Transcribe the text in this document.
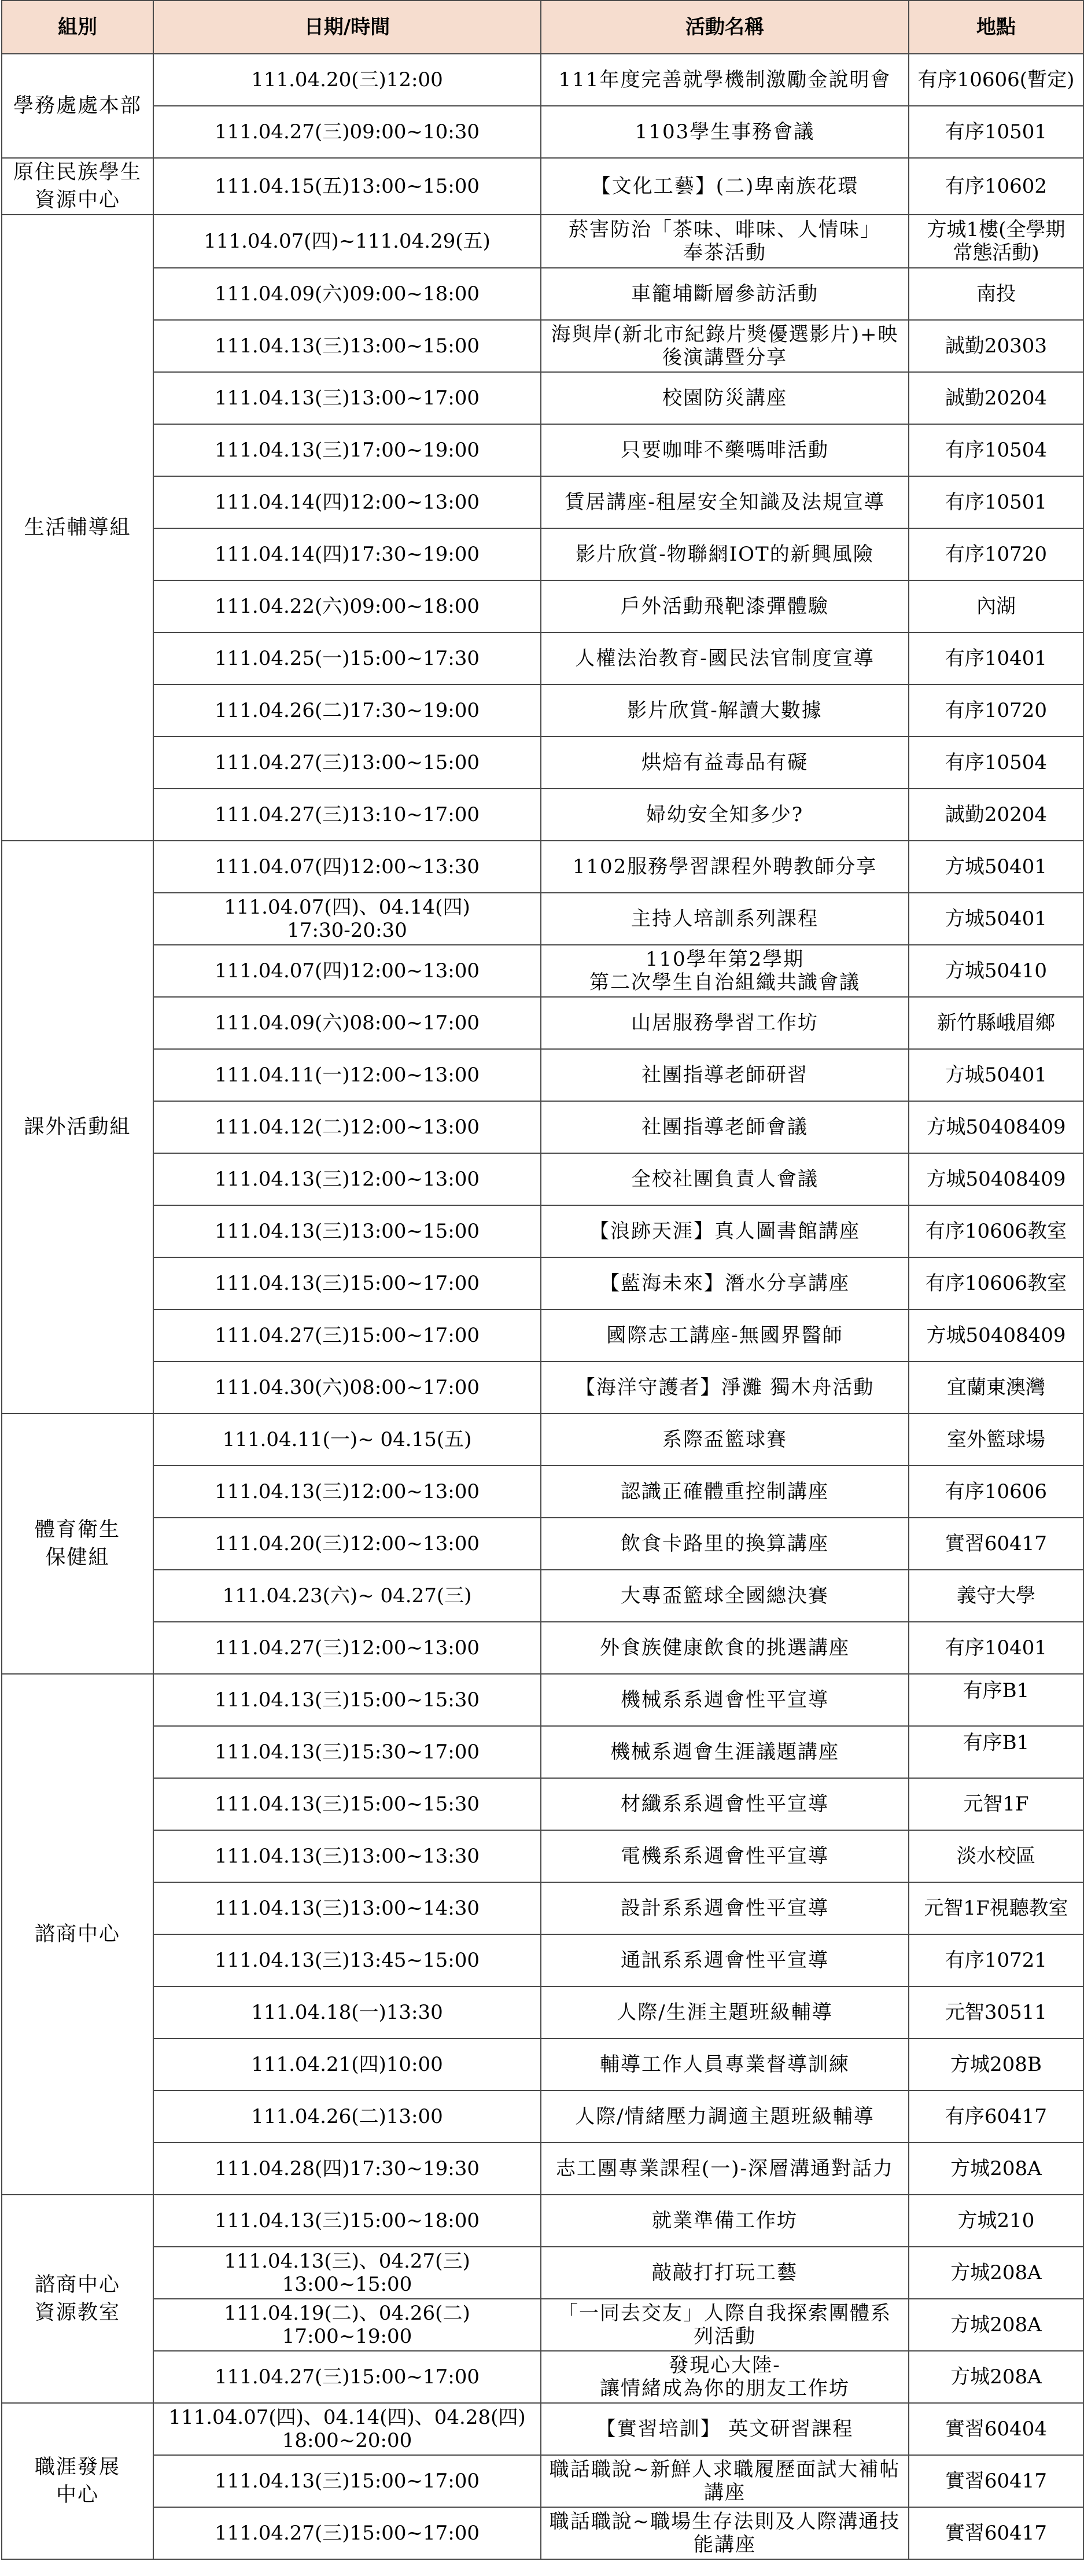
組別	日期/時間	活動名稱	地點

學務處處本部	111.04.20(三)12:00	111年度完善就學機制激勵金說明會	有序10606(暫定)

	111.04.27(三)09:00~10:30	1103學生事務會議	有序10501

原住民族學生
資源中心	111.04.15(五)13:00~15:00	【文化工藝】(二)卑南族花環	有序10602

生活輔導組	111.04.07(四)~111.04.29(五)	菸害防治「茶味、啡味、人情味」
奉茶活動	方城1樓(全學期
常態活動)

	111.04.09(六)09:00~18:00	車籠埔斷層參訪活動	南投

	111.04.13(三)13:00~15:00	海與岸(新北市紀錄片獎優選影片)+映
後演講暨分享	誠勤20303

	111.04.13(三)13:00~17:00	校園防災講座	誠勤20204

	111.04.13(三)17:00~19:00	只要咖啡不藥嗎啡活動	有序10504

	111.04.14(四)12:00~13:00	賃居講座-租屋安全知識及法規宣導	有序10501

	111.04.14(四)17:30~19:00	影片欣賞-物聯網IOT的新興風險	有序10720

	111.04.22(六)09:00~18:00	戶外活動飛靶漆彈體驗	內湖

	111.04.25(一)15:00~17:30	人權法治教育-國民法官制度宣導	有序10401

	111.04.26(二)17:30~19:00	影片欣賞-解讀大數據	有序10720

	111.04.27(三)13:00~15:00	烘焙有益毒品有礙	有序10504

	111.04.27(三)13:10~17:00	婦幼安全知多少?	誠勤20204

課外活動組	111.04.07(四)12:00~13:30	1102服務學習課程外聘教師分享	方城50401

	111.04.07(四)、04.14(四)
17:30-20:30	主持人培訓系列課程	方城50401

	111.04.07(四)12:00~13:00	110學年第2學期
第二次學生自治組織共識會議	方城50410

	111.04.09(六)08:00~17:00	山居服務學習工作坊	新竹縣峨眉鄉

	111.04.11(一)12:00~13:00	社團指導老師研習	方城50401

	111.04.12(二)12:00~13:00	社團指導老師會議	方城50408409

	111.04.13(三)12:00~13:00	全校社團負責人會議	方城50408409

	111.04.13(三)13:00~15:00	【浪跡天涯】真人圖書館講座	有序10606教室

	111.04.13(三)15:00~17:00	【藍海未來】潛水分享講座	有序10606教室

	111.04.27(三)15:00~17:00	國際志工講座-無國界醫師	方城50408409

	111.04.30(六)08:00~17:00	【海洋守護者】淨灘 獨木舟活動	宜蘭東澳灣

體育衛生
保健組	111.04.11(一)~ 04.15(五)	系際盃籃球賽	室外籃球場

	111.04.13(三)12:00~13:00	認識正確體重控制講座	有序10606

	111.04.20(三)12:00~13:00	飲食卡路里的換算講座	實習60417

	111.04.23(六)~ 04.27(三)	大專盃籃球全國總決賽	義守大學

	111.04.27(三)12:00~13:00	外食族健康飲食的挑選講座	有序10401

諮商中心	111.04.13(三)15:00~15:30	機械系系週會性平宣導	有序B1

	111.04.13(三)15:30~17:00	機械系週會生涯議題講座	有序B1

	111.04.13(三)15:00~15:30	材纖系系週會性平宣導	元智1F

	111.04.13(三)13:00~13:30	電機系系週會性平宣導	淡水校區

	111.04.13(三)13:00~14:30	設計系系週會性平宣導	元智1F視聽教室

	111.04.13(三)13:45~15:00	通訊系系週會性平宣導	有序10721

	111.04.18(一)13:30	人際/生涯主題班級輔導	元智30511

	111.04.21(四)10:00	輔導工作人員專業督導訓練	方城208B

	111.04.26(二)13:00	人際/情緒壓力調適主題班級輔導	有序60417

	111.04.28(四)17:30~19:30	志工團專業課程(一)-深層溝通對話力	方城208A

諮商中心
資源教室	111.04.13(三)15:00~18:00	就業準備工作坊	方城210

	111.04.13(三)、04.27(三)
13:00~15:00	敲敲打打玩工藝	方城208A

	111.04.19(二)、04.26(二)
17:00~19:00	「一同去交友」人際自我探索團體系
列活動	方城208A

	111.04.27(三)15:00~17:00	發現心大陸-
讓情緒成為你的朋友工作坊	方城208A

職涯發展
中心	111.04.07(四)、04.14(四)、04.28(四)
18:00~20:00	【實習培訓】 英文研習課程	實習60404

	111.04.13(三)15:00~17:00	職話職說~新鮮人求職履歷面試大補帖
講座	實習60417

	111.04.27(三)15:00~17:00	職話職說~職場生存法則及人際溝通技
能講座	實習60417
